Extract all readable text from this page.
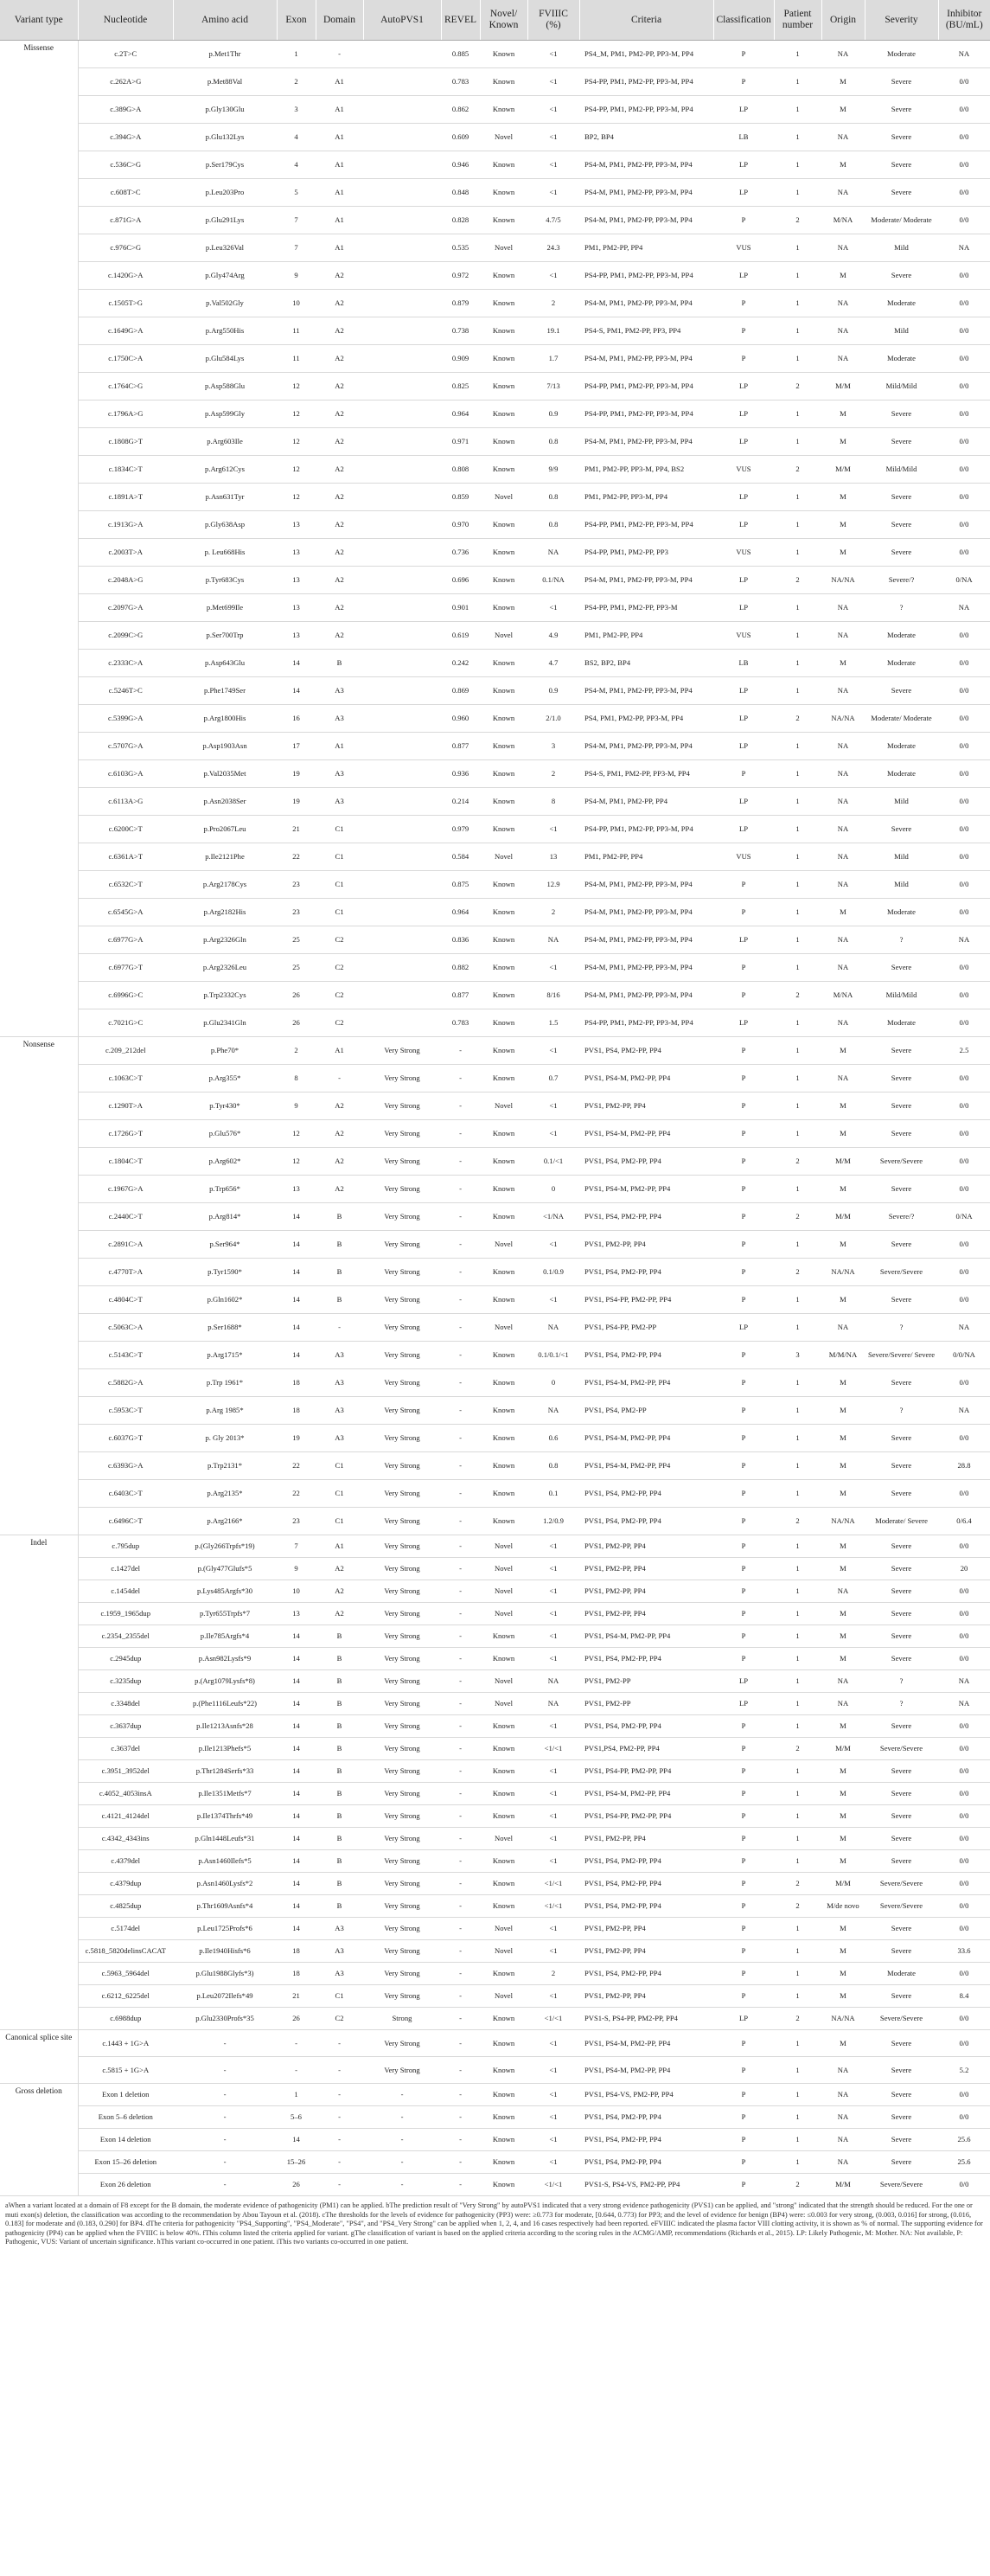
Variant type	Nucleotide	Amino acid	Exon	Domain	AutoPVS1	REVEL	Novel/ Known	FVIIIC (%)	Criteria	Classification	Patient number	Origin	Severity	Inhibitor (BU/mL)
Missense	c.2T>C	p.Met1Thr	1	-		0.885	Known	<1	PS4_M, PM1, PM2-PP, PP3-M, PP4	P	1	NA	Moderate	NA
	c.262A>G	p.Met88Val	2	A1		0.783	Known	<1	PS4-PP, PM1, PM2-PP, PP3-M, PP4	P	1	M	Severe	0/0
	c.389G>A	p.Gly130Glu	3	A1		0.862	Known	<1	PS4-PP, PM1, PM2-PP, PP3-M, PP4	LP	1	M	Severe	0/0
	c.394G>A	p.Glu132Lys	4	A1		0.609	Novel	<1	BP2, BP4	LB	1	NA	Severe	0/0
	c.536C>G	p.Ser179Cys	4	A1		0.946	Known	<1	PS4-M, PM1, PM2-PP, PP3-M, PP4	LP	1	M	Severe	0/0
	c.608T>C	p.Leu203Pro	5	A1		0.848	Known	<1	PS4-M, PM1, PM2-PP, PP3-M, PP4	LP	1	NA	Severe	0/0
	c.871G>A	p.Glu291Lys	7	A1		0.828	Known	4.7/5	PS4-M, PM1, PM2-PP, PP3-M, PP4	P	2	M/NA	Moderate/ Moderate	0/0
	c.976C>G	p.Leu326Val	7	A1		0.535	Novel	24.3	PM1, PM2-PP, PP4	VUS	1	NA	Mild	NA
	c.1420G>A	p.Gly474Arg	9	A2		0.972	Known	<1	PS4-PP, PM1, PM2-PP, PP3-M, PP4	LP	1	M	Severe	0/0
	c.1505T>G	p.Val502Gly	10	A2		0.879	Known	2	PS4-M, PM1, PM2-PP, PP3-M, PP4	P	1	NA	Moderate	0/0
	c.1649G>A	p.Arg550His	11	A2		0.738	Known	19.1	PS4-S, PM1, PM2-PP, PP3, PP4	P	1	NA	Mild	0/0
	c.1750C>A	p.Glu584Lys	11	A2		0.909	Known	1.7	PS4-M, PM1, PM2-PP, PP3-M, PP4	P	1	NA	Moderate	0/0
	c.1764C>G	p.Asp588Glu	12	A2		0.825	Known	7/13	PS4-PP, PM1, PM2-PP, PP3-M, PP4	LP	2	M/M	Mild/Mild	0/0
	c.1796A>G	p.Asp599Gly	12	A2		0.964	Known	0.9	PS4-PP, PM1, PM2-PP, PP3-M, PP4	LP	1	M	Severe	0/0
	c.1808G>T	p.Arg603Ile	12	A2		0.971	Known	0.8	PS4-M, PM1, PM2-PP, PP3-M, PP4	LP	1	M	Severe	0/0
	c.1834C>T	p.Arg612Cys	12	A2		0.808	Known	9/9	PM1, PM2-PP, PP3-M, PP4, BS2	VUS	2	M/M	Mild/Mild	0/0
	c.1891A>T	p.Asn631Tyr	12	A2		0.859	Novel	0.8	PM1, PM2-PP, PP3-M, PP4	LP	1	M	Severe	0/0
	c.1913G>A	p.Gly638Asp	13	A2		0.970	Known	0.8	PS4-PP, PM1, PM2-PP, PP3-M, PP4	LP	1	M	Severe	0/0
	c.2003T>A	p. Leu668His	13	A2		0.736	Known	NA	PS4-PP, PM1, PM2-PP, PP3	VUS	1	M	Severe	0/0
	c.2048A>G	p.Tyr683Cys	13	A2		0.696	Known	0.1/NA	PS4-M, PM1, PM2-PP, PP3-M, PP4	LP	2	NA/NA	Severe/?	0/NA
	c.2097G>A	p.Met699Ile	13	A2		0.901	Known	<1	PS4-PP, PM1, PM2-PP, PP3-M	LP	1	NA	?	NA
	c.2099C>G	p.Ser700Trp	13	A2		0.619	Novel	4.9	PM1, PM2-PP, PP4	VUS	1	NA	Moderate	0/0
	c.2333C>A	p.Asp643Glu	14	B		0.242	Known	4.7	BS2, BP2, BP4	LB	1	M	Moderate	0/0
	c.5246T>C	p.Phe1749Ser	14	A3		0.869	Known	0.9	PS4-M, PM1, PM2-PP, PP3-M, PP4	LP	1	NA	Severe	0/0
	c.5399G>A	p.Arg1800His	16	A3		0.960	Known	2/1.0	PS4, PM1, PM2-PP, PP3-M, PP4	LP	2	NA/NA	Moderate/ Moderate	0/0
	c.5707G>A	p.Asp1903Asn	17	A1		0.877	Known	3	PS4-M, PM1, PM2-PP, PP3-M, PP4	LP	1	NA	Moderate	0/0
	c.6103G>A	p.Val2035Met	19	A3		0.936	Known	2	PS4-S, PM1, PM2-PP, PP3-M, PP4	P	1	NA	Moderate	0/0
	c.6113A>G	p.Asn2038Ser	19	A3		0.214	Known	8	PS4-M, PM1, PM2-PP, PP4	LP	1	NA	Mild	0/0
	c.6200C>T	p.Pro2067Leu	21	C1		0.979	Known	<1	PS4-PP, PM1, PM2-PP, PP3-M, PP4	LP	1	NA	Severe	0/0
	c.6361A>T	p.Ile2121Phe	22	C1		0.584	Novel	13	PM1, PM2-PP, PP4	VUS	1	NA	Mild	0/0
	c.6532C>T	p.Arg2178Cys	23	C1		0.875	Known	12.9	PS4-M, PM1, PM2-PP, PP3-M, PP4	P	1	NA	Mild	0/0
	c.6545G>A	p.Arg2182His	23	C1		0.964	Known	2	PS4-M, PM1, PM2-PP, PP3-M, PP4	P	1	M	Moderate	0/0
	c.6977G>A	p.Arg2326Gln	25	C2		0.836	Known	NA	PS4-M, PM1, PM2-PP, PP3-M, PP4	LP	1	NA	?	NA
	c.6977G>T	p.Arg2326Leu	25	C2		0.882	Known	<1	PS4-M, PM1, PM2-PP, PP3-M, PP4	P	1	NA	Severe	0/0
	c.6996G>C	p.Trp2332Cys	26	C2		0.877	Known	8/16	PS4-M, PM1, PM2-PP, PP3-M, PP4	P	2	M/NA	Mild/Mild	0/0
	c.7021G>C	p.Glu2341Gln	26	C2		0.783	Known	1.5	PS4-PP, PM1, PM2-PP, PP3-M, PP4	LP	1	NA	Moderate	0/0
Nonsense	c.209_212del	p.Phe70*	2	A1	Very Strong	-	Known	<1	PVS1, PS4, PM2-PP, PP4	P	1	M	Severe	2.5
	c.1063C>T	p.Arg355*	8	-	Very Strong	-	Known	0.7	PVS1, PS4-M, PM2-PP, PP4	P	1	NA	Severe	0/0
	c.1290T>A	p.Tyr430*	9	A2	Very Strong	-	Novel	<1	PVS1, PM2-PP, PP4	P	1	M	Severe	0/0
	c.1726G>T	p.Glu576*	12	A2	Very Strong	-	Known	<1	PVS1, PS4-M, PM2-PP, PP4	P	1	M	Severe	0/0
	c.1804C>T	p.Arg602*	12	A2	Very Strong	-	Known	0.1/<1	PVS1, PS4, PM2-PP, PP4	P	2	M/M	Severe/Severe	0/0
	c.1967G>A	p.Trp656*	13	A2	Very Strong	-	Known	0	PVS1, PS4-M, PM2-PP, PP4	P	1	M	Severe	0/0
	c.2440C>T	p.Arg814*	14	B	Very Strong	-	Known	<1/NA	PVS1, PS4, PM2-PP, PP4	P	2	M/M	Severe/?	0/NA
	c.2891C>A	p.Ser964*	14	B	Very Strong	-	Novel	<1	PVS1, PM2-PP, PP4	P	1	M	Severe	0/0
	c.4770T>A	p.Tyr1590*	14	B	Very Strong	-	Known	0.1/0.9	PVS1, PS4, PM2-PP, PP4	P	2	NA/NA	Severe/Severe	0/0
	c.4804C>T	p.Gln1602*	14	B	Very Strong	-	Known	<1	PVS1, PS4-PP, PM2-PP, PP4	P	1	M	Severe	0/0
	c.5063C>A	p.Ser1688*	14	-	Very Strong	-	Novel	NA	PVS1, PS4-PP, PM2-PP	LP	1	NA	?	NA
	c.5143C>T	p.Arg1715*	14	A3	Very Strong	-	Known	0.1/0.1/<1	PVS1, PS4, PM2-PP, PP4	P	3	M/M/NA	Severe/Severe/ Severe	0/0/NA
	c.5882G>A	p.Trp 1961*	18	A3	Very Strong	-	Known	0	PVS1, PS4-M, PM2-PP, PP4	P	1	M	Severe	0/0
	c.5953C>T	p.Arg 1985*	18	A3	Very Strong	-	Known	NA	PVS1, PS4, PM2-PP	P	1	M	?	NA
	c.6037G>T	p. Gly 2013*	19	A3	Very Strong	-	Known	0.6	PVS1, PS4-M, PM2-PP, PP4	P	1	M	Severe	0/0
	c.6393G>A	p.Trp2131*	22	C1	Very Strong	-	Known	0.8	PVS1, PS4-M, PM2-PP, PP4	P	1	M	Severe	28.8
	c.6403C>T	p.Arg2135*	22	C1	Very Strong	-	Known	0.1	PVS1, PS4, PM2-PP, PP4	P	1	M	Severe	0/0
	c.6496C>T	p.Arg2166*	23	C1	Very Strong	-	Known	1.2/0.9	PVS1, PS4, PM2-PP, PP4	P	2	NA/NA	Moderate/ Severe	0/6.4
Indel	c.795dup	p.(Gly266Trpfs*19)	7	A1	Very Strong	-	Novel	<1	PVS1, PM2-PP, PP4	P	1	M	Severe	0/0
	c.1427del	p.(Gly477Glufs*5	9	A2	Very Strong	-	Novel	<1	PVS1, PM2-PP, PP4	P	1	M	Severe	20
	c.1454del	p.Lys485Argfs*30	10	A2	Very Strong	-	Novel	<1	PVS1, PM2-PP, PP4	P	1	NA	Severe	0/0
	c.1959_1965dup	p.Tyr655Trpfs*7	13	A2	Very Strong	-	Novel	<1	PVS1, PM2-PP, PP4	P	1	M	Severe	0/0
	c.2354_2355del	p.Ile785Argfs*4	14	B	Very Strong	-	Known	<1	PVS1, PS4-M, PM2-PP, PP4	P	1	M	Severe	0/0
	c.2945dup	p.Asn982Lysfs*9	14	B	Very Strong	-	Known	<1	PVS1, PS4, PM2-PP, PP4	P	1	M	Severe	0/0
	c.3235dup	p.(Arg1079Lysfs*8)	14	B	Very Strong	-	Novel	NA	PVS1, PM2-PP	LP	1	NA	?	NA
	c.3348del	p.(Phe1116Leufs*22)	14	B	Very Strong	-	Novel	NA	PVS1, PM2-PP	LP	1	NA	?	NA
	c.3637dup	p.Ile1213Asnfs*28	14	B	Very Strong	-	Known	<1	PVS1, PS4, PM2-PP, PP4	P	1	M	Severe	0/0
	c.3637del	p.Ile1213Phefs*5	14	B	Very Strong	-	Known	<1/<1	PVS1,PS4, PM2-PP, PP4	P	2	M/M	Severe/Severe	0/0
	c.3951_3952del	p.Thr1284Serfs*33	14	B	Very Strong	-	Known	<1	PVS1, PS4-PP, PM2-PP, PP4	P	1	M	Severe	0/0
	c.4052_4053insA	p.Ile1351Metfs*7	14	B	Very Strong	-	Known	<1	PVS1, PS4-M, PM2-PP, PP4	P	1	M	Severe	0/0
	c.4121_4124del	p.Ile1374Thrfs*49	14	B	Very Strong	-	Known	<1	PVS1, PS4-PP, PM2-PP, PP4	P	1	M	Severe	0/0
	c.4342_4343ins	p.Gln1448Leufs*31	14	B	Very Strong	-	Novel	<1	PVS1, PM2-PP, PP4	P	1	M	Severe	0/0
	c.4379del	p.Asn1460Ilefs*5	14	B	Very Strong	-	Known	<1	PVS1, PS4, PM2-PP, PP4	P	1	M	Severe	0/0
	c.4379dup	p.Asn1460Lysfs*2	14	B	Very Strong	-	Known	<1/<1	PVS1, PS4, PM2-PP, PP4	P	2	M/M	Severe/Severe	0/0
	c.4825dup	p.Thr1609Asnfs*4	14	B	Very Strong	-	Known	<1/<1	PVS1, PS4, PM2-PP, PP4	P	2	M/de novo	Severe/Severe	0/0
	c.5174del	p.Leu1725Profs*6	14	A3	Very Strong	-	Novel	<1	PVS1, PM2-PP, PP4	P	1	M	Severe	0/0
	c.5818_5820delinsCACAT	p.Ile1940Hisfs*6	18	A3	Very Strong	-	Novel	<1	PVS1, PM2-PP, PP4	P	1	M	Severe	33.6
	c.5963_5964del	p.Glu1988Glyfs*3)	18	A3	Very Strong	-	Known	2	PVS1, PS4, PM2-PP, PP4	P	1	M	Moderate	0/0
	c.6212_6225del	p.Leu2072Ilefs*49	21	C1	Very Strong	-	Novel	<1	PVS1, PM2-PP, PP4	P	1	M	Severe	8.4
	c.6988dup	p.Glu2330Profs*35	26	C2	Strong	-	Known	<1/<1	PVS1-S, PS4-PP, PM2-PP, PP4	LP	2	NA/NA	Severe/Severe	0/0
Canonical splice site	c.1443 + 1G>A	-	-	-	Very Strong	-	Known	<1	PVS1, PS4-M, PM2-PP, PP4	P	1	M	Severe	0/0
	c.5815 + 1G>A	-	-	-	Very Strong	-	Known	<1	PVS1, PS4-M, PM2-PP, PP4	P	1	NA	Severe	5.2
Gross deletion	Exon 1 deletion	-	1	-	-	-	Known	<1	PVS1, PS4-VS, PM2-PP, PP4	P	1	NA	Severe	0/0
	Exon 5–6 deletion	-	5–6	-	-	-	Known	<1	PVS1, PS4, PM2-PP, PP4	P	1	NA	Severe	0/0
	Exon 14 deletion	-	14	-	-	-	Known	<1	PVS1, PS4, PM2-PP, PP4	P	1	NA	Severe	25.6
	Exon 15–26 deletion	-	15–26	-	-	-	Known	<1	PVS1, PS4, PM2-PP, PP4	P	1	NA	Severe	25.6
	Exon 26 deletion	-	26	-	-	-	Known	<1/<1	PVS1-S, PS4-VS, PM2-PP, PP4	P	2	M/M	Severe/Severe	0/0
aWhen a variant located at a domain of F8 except for the B domain, the moderate evidence of pathogenicity (PM1) can be applied. bThe prediction result of "Very Strong" by autoPVS1 indicated that a very strong evidence pathogenicity (PVS1) can be applied, and "strong" indicated that the strength should be reduced. For the one or muti exon(s) deletion, the classification was according to the recommendation by Abou Tayoun et al. (2018). cThe thresholds for the levels of evidence for pathogenicity (PP3) were: ≥0.773 for moderate, [0.644, 0.773) for PP3; and the level of evidence for benign (BP4) were: ≤0.003 for very strong, (0.003, 0.016] for strong, (0.016, 0.183] for moderate and (0.183, 0.290] for BP4. dThe criteria for pathogenicity "PS4_Supporting", "PS4_Moderate", "PS4", and "PS4_Very Strong" can be applied when 1, 2, 4, and 16 cases respectively had been reported. eFVIIIC indicated the plasma factor VIII clotting activity, it is shown as % of normal. The supporting evidence for pathogenicity (PP4) can be applied when the FVIIIC is below 40%. fThis column listed the criteria applied for variant. gThe classification of variant is based on the applied criteria according to the scoring rules in the ACMG/AMP, recommendations (Richards et al., 2015). LP: Likely Pathogenic, M: Mother. NA: Not available, P: Pathogenic, VUS: Variant of uncertain significance. hThis variant co-occurred in one patient. iThis two variants co-occurred in one patient.
